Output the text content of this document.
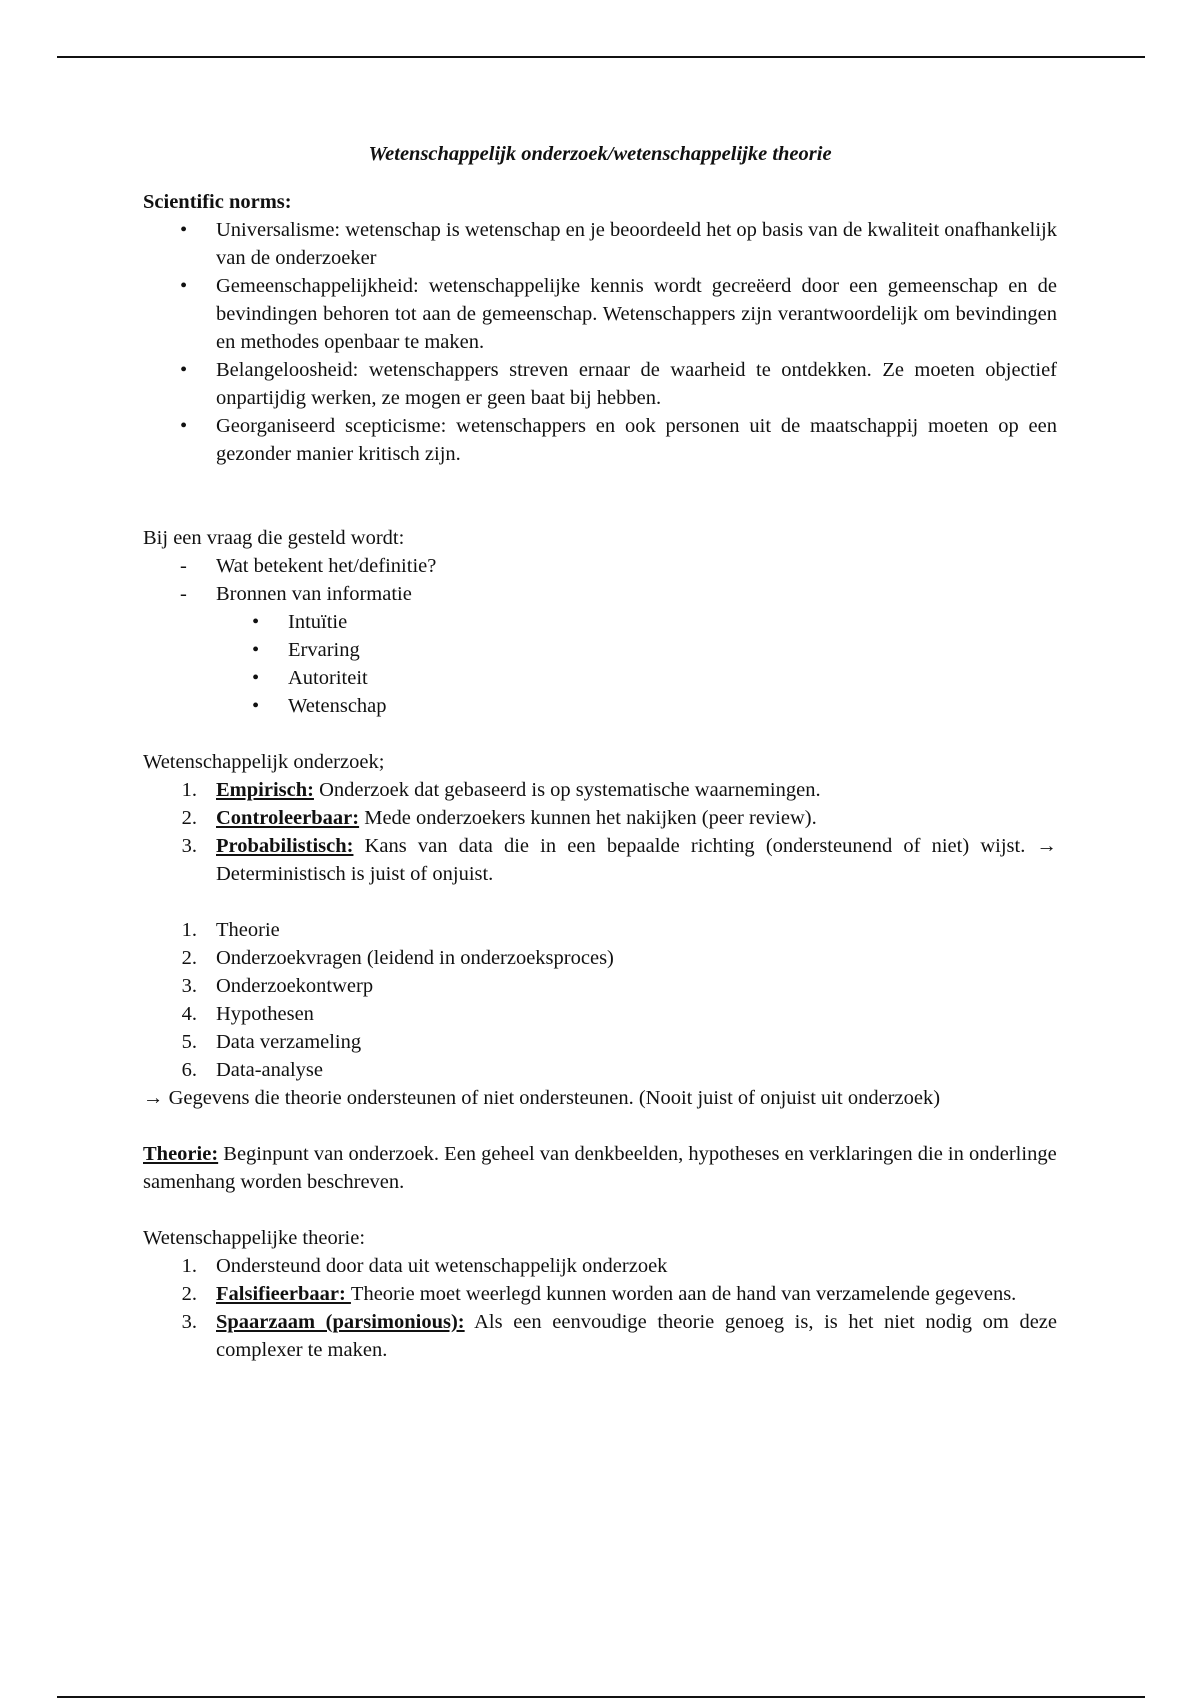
Wetenschappelijk onderzoek/wetenschappelijke theorie

Scientific norms:

• Universalisme: wetenschap is wetenschap en je beoordeeld het op basis van de kwaliteit onafhankelijk van de onderzoeker
• Gemeenschappelijkheid: wetenschappelijke kennis wordt gecreëerd door een gemeenschap en de bevindingen behoren tot aan de gemeenschap. Wetenschappers zijn verantwoordelijk om bevindingen en methodes openbaar te maken.
• Belangeloosheid: wetenschappers streven ernaar de waarheid te ontdekken. Ze moeten objectief onpartijdig werken, ze mogen er geen baat bij hebben.
• Georganiseerd scepticisme: wetenschappers en ook personen uit de maatschappij moeten op een gezonder manier kritisch zijn.

Bij een vraag die gesteld wordt:

- Wat betekent het/definitie?
- Bronnen van informatie
• Intuïtie
• Ervaring
• Autoriteit
• Wetenschap

Wetenschappelijk onderzoek;

1. Empirisch: Onderzoek dat gebaseerd is op systematische waarnemingen.
2. Controleerbaar: Mede onderzoekers kunnen het nakijken (peer review).
3. Probabilistisch: Kans van data die in een bepaalde richting (ondersteunend of niet) wijst. → Deterministisch is juist of onjuist.
1. Theorie
2. Onderzoekvragen (leidend in onderzoeksproces)
3. Onderzoekontwerp
4. Hypothesen
5. Data verzameling
6. Data-analyse

→ Gegevens die theorie ondersteunen of niet ondersteunen. (Nooit juist of onjuist uit onderzoek)

Theorie: Beginpunt van onderzoek. Een geheel van denkbeelden, hypotheses en verklaringen die in onderlinge samenhang worden beschreven.

Wetenschappelijke theorie:

1. Ondersteund door data uit wetenschappelijk onderzoek
2. Falsifieerbaar: Theorie moet weerlegd kunnen worden aan de hand van verzamelende gegevens.
3. Spaarzaam (parsimonious): Als een eenvoudige theorie genoeg is, is het niet nodig om deze complexer te maken.
